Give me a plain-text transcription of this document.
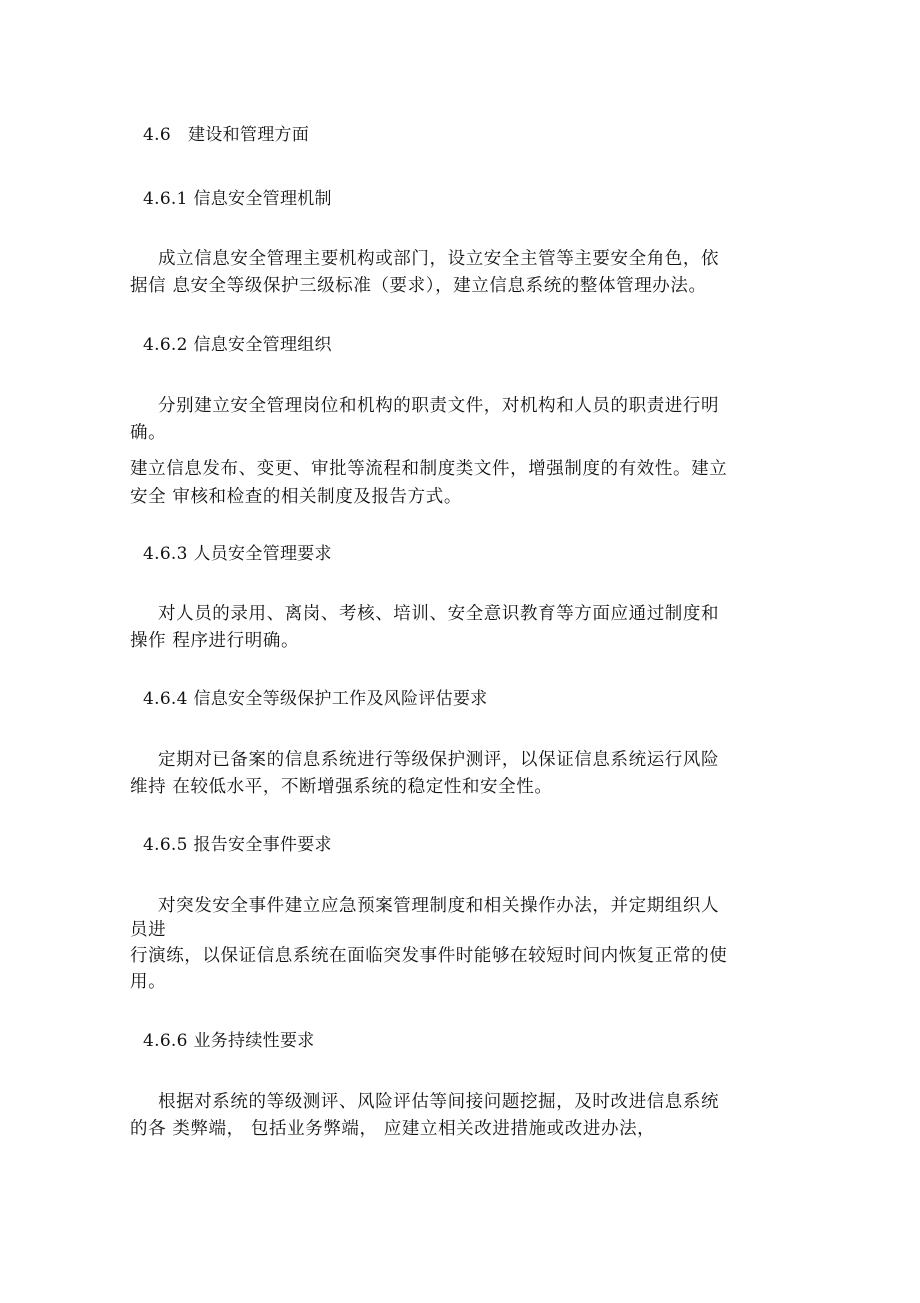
4.6   建设和管理方面
4.6.1 信息安全管理机制
成立信息安全管理主要机构或部门，设立安全主管等主要安全角色，依
据信 息安全等级保护三级标准（要求），建立信息系统的整体管理办法。
4.6.2 信息安全管理组织
分别建立安全管理岗位和机构的职责文件，对机构和人员的职责进行明
确。
建立信息发布、变更、审批等流程和制度类文件，增强制度的有效性。建立
安全 审核和检查的相关制度及报告方式。
4.6.3 人员安全管理要求
对人员的录用、离岗、考核、培训、安全意识教育等方面应通过制度和
操作 程序进行明确。
4.6.4 信息安全等级保护工作及风险评估要求
定期对已备案的信息系统进行等级保护测评，以保证信息系统运行风险
维持 在较低水平，不断增强系统的稳定性和安全性。
4.6.5 报告安全事件要求
对突发安全事件建立应急预案管理制度和相关操作办法，并定期组织人
员进
行演练，以保证信息系统在面临突发事件时能够在较短时间内恢复正常的使
用。
4.6.6 业务持续性要求
根据对系统的等级测评、风险评估等间接问题挖掘，及时改进信息系统
的各 类弊端， 包括业务弊端， 应建立相关改进措施或改进办法，
